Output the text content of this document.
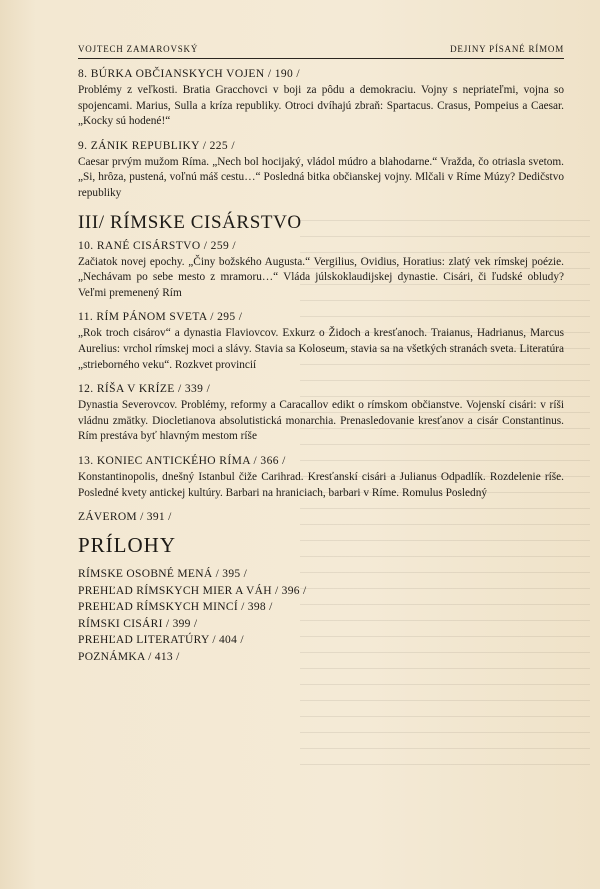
VOJTECH ZAMAROVSKÝ	DEJINY PÍSANÉ RÍMOM

8. BÚRKA OBČIANSKYCH VOJEN / 190 /

Problémy z veľkosti. Bratia Gracchovci v boji za pôdu a demokraciu. Vojny s nepriateľmi, vojna so spojencami. Marius, Sulla a kríza republiky. Otroci dvíhajú zbraň: Spartacus. Crasus, Pompeius a Caesar. „Kocky sú hodené!“

9. ZÁNIK REPUBLIKY / 225 /

Caesar prvým mužom Ríma. „Nech bol hocijaký, vládol múdro a blahodarne.“ Vražda, čo otriasla svetom. „Si, hrôza, pustená, voľnú máš cestu…“ Posledná bitka občianskej vojny. Mlčali v Ríme Múzy? Dedičstvo republiky

III/ RÍMSKE CISÁRSTVO

10. RANÉ CISÁRSTVO / 259 /

Začiatok novej epochy. „Činy božského Augusta.“ Vergilius, Ovidius, Horatius: zlatý vek rímskej poézie. „Nechávam po sebe mesto z mramoru…“ Vláda júlskoklaudijskej dynastie. Cisári, či ľudské obludy? Veľmi premenený Rím

11. RÍM PÁNOM SVETA / 295 /

„Rok troch cisárov“ a dynastia Flaviovcov. Exkurz o Židoch a kresťanoch. Traianus, Hadrianus, Marcus Aurelius: vrchol rímskej moci a slávy. Stavia sa Koloseum, stavia sa na všetkých stranách sveta. Literatúra „strieborného veku“. Rozkvet provincií

12. RÍŠA V KRÍZE / 339 /

Dynastia Severovcov. Problémy, reformy a Caracallov edikt o rímskom občianstve. Vojenskí cisári: v ríši vládnu zmätky. Diocletianova absolutistická monarchia. Prenasledovanie kresťanov a cisár Constantinus. Rím prestáva byť hlavným mestom ríše

13. KONIEC ANTICKÉHO RÍMA / 366 /

Konstantinopolis, dnešný Istanbul čiže Carihrad. Kresťanskí cisári a Julianus Odpadlík. Rozdelenie ríše. Posledné kvety antickej kultúry. Barbari na hraniciach, barbari v Ríme. Romulus Posledný

ZÁVEROM / 391 /

PRÍLOHY

RÍMSKE OSOBNÉ MENÁ / 395 /

PREHĽAD RÍMSKYCH MIER A VÁH / 396 /

PREHĽAD RÍMSKYCH MINCÍ / 398 /

RÍMSKI CISÁRI / 399 /

PREHĽAD LITERATÚRY / 404 /

POZNÁMKA / 413 /
